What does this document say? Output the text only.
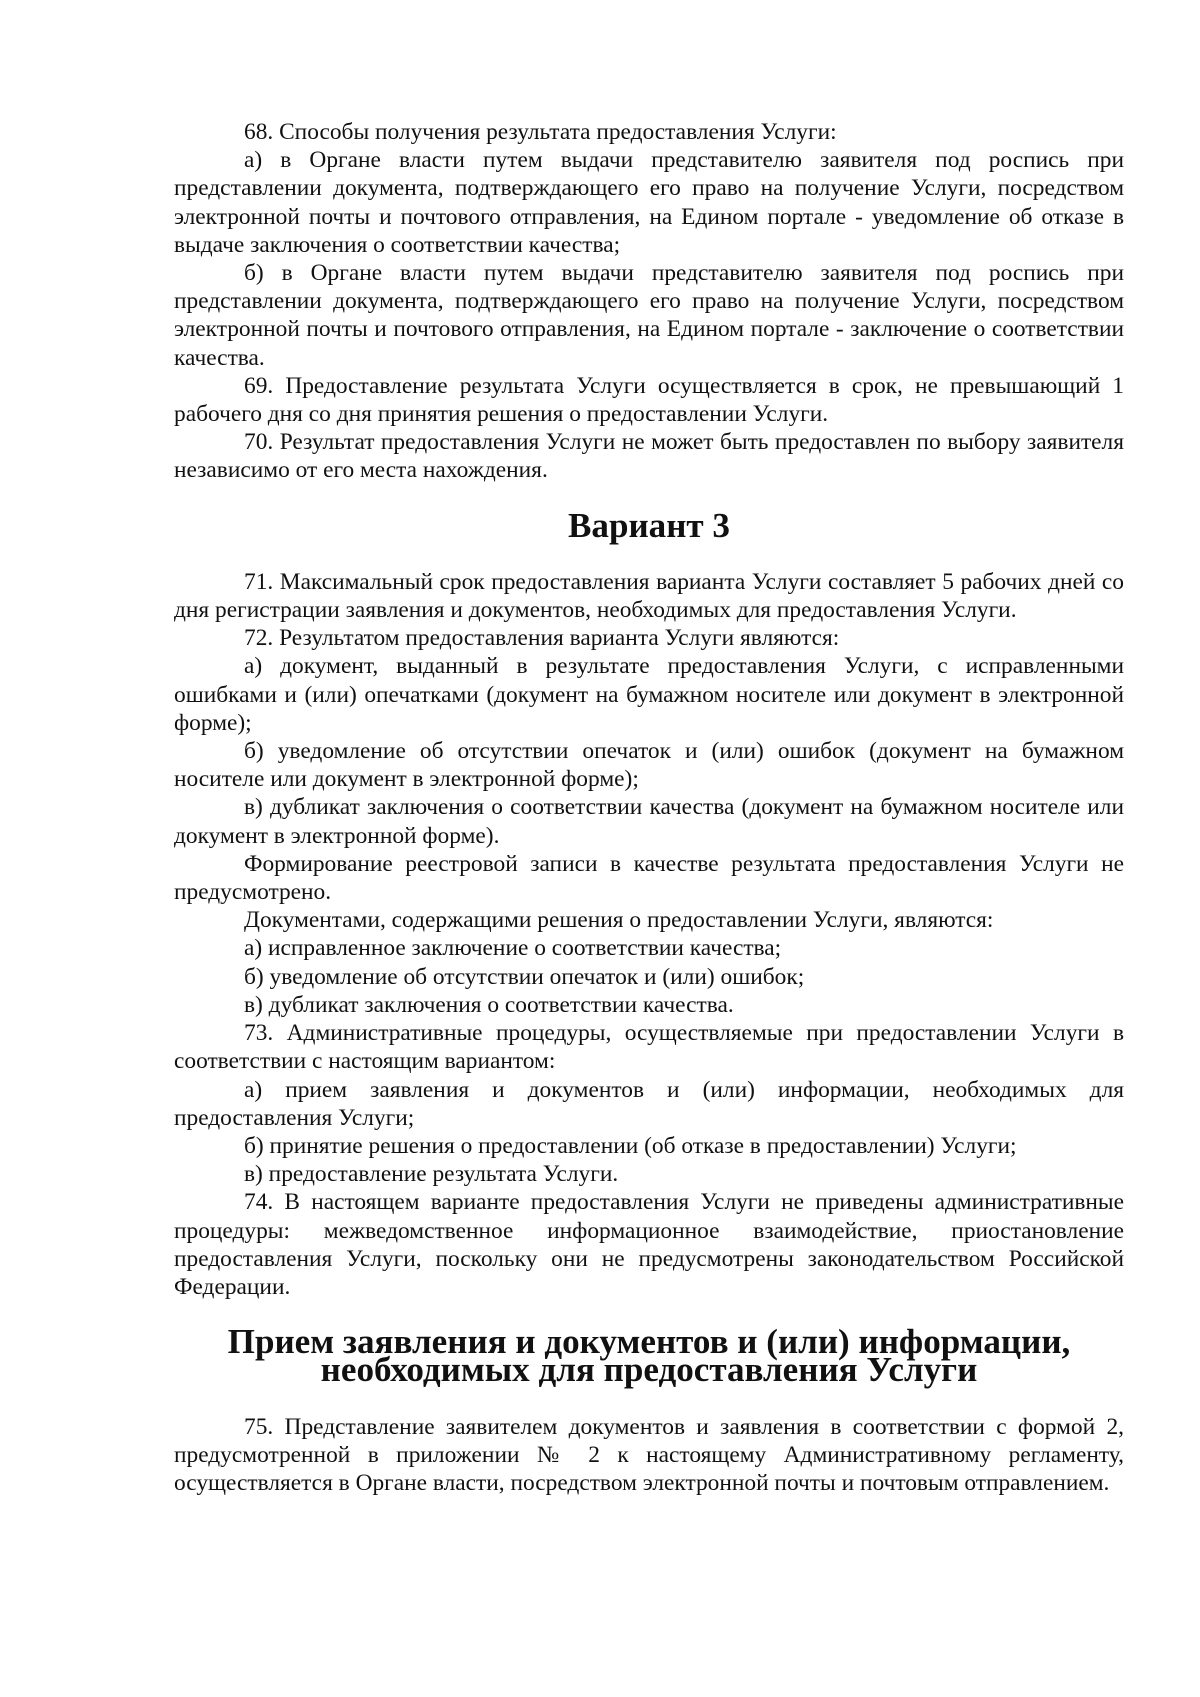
68. Способы получения результата предоставления Услуги:

а) в Органе власти путем выдачи представителю заявителя под роспись при представлении документа, подтверждающего его право на получение Услуги, посредством электронной почты и почтового отправления, на Едином портале - уведомление об отказе в выдаче заключения о соответствии качества;

б) в Органе власти путем выдачи представителю заявителя под роспись при представлении документа, подтверждающего его право на получение Услуги, посредством электронной почты и почтового отправления, на Едином портале - заключение о соответствии качества.

69. Предоставление результата Услуги осуществляется в срок, не превышающий 1 рабочего дня со дня принятия решения о предоставлении Услуги.

70. Результат предоставления Услуги не может быть предоставлен по выбору заявителя независимо от его места нахождения.

Вариант 3

71. Максимальный срок предоставления варианта Услуги составляет 5 рабочих дней со дня регистрации заявления и документов, необходимых для предоставления Услуги.

72. Результатом предоставления варианта Услуги являются:

а) документ, выданный в результате предоставления Услуги, с исправленными ошибками и (или) опечатками (документ на бумажном носителе или документ в электронной форме);

б) уведомление об отсутствии опечаток и (или) ошибок (документ на бумажном носителе или документ в электронной форме);

в) дубликат заключения о соответствии качества (документ на бумажном носителе или документ в электронной форме).

Формирование реестровой записи в качестве результата предоставления Услуги не предусмотрено.

Документами, содержащими решения о предоставлении Услуги, являются:

а) исправленное заключение о соответствии качества;

б) уведомление об отсутствии опечаток и (или) ошибок;

в) дубликат заключения о соответствии качества.

73. Административные процедуры, осуществляемые при предоставлении Услуги в соответствии с настоящим вариантом:

а) прием заявления и документов и (или) информации, необходимых для предоставления Услуги;

б) принятие решения о предоставлении (об отказе в предоставлении) Услуги;

в) предоставление результата Услуги.

74. В настоящем варианте предоставления Услуги не приведены административные процедуры: межведомственное информационное взаимодействие, приостановление предоставления Услуги, поскольку они не предусмотрены законодательством Российской Федерации.

Прием заявления и документов и (или) информации,
необходимых для предоставления Услуги

75. Представление заявителем документов и заявления в соответствии с формой 2, предусмотренной в приложении № 2 к настоящему Административному регламенту, осуществляется в Органе власти, посредством электронной почты и почтовым отправлением.
